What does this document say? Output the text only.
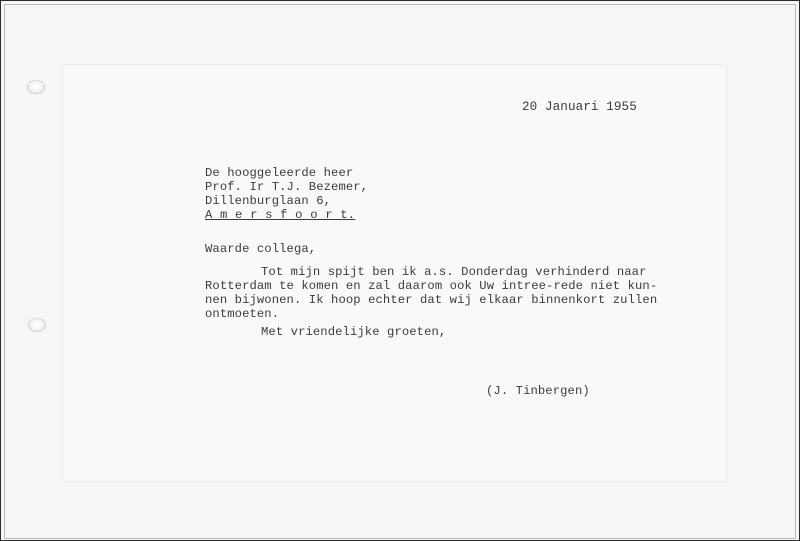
20 Januari 1955
De hooggeleerde heer
Prof. Ir T.J. Bezemer,
Dillenburglaan 6,
A m e r s f o o r t.
Waarde collega,
Tot mijn spijt ben ik a.s. Donderdag verhinderd naar
Rotterdam te komen en zal daarom ook Uw intree-rede niet kun-
nen bijwonen. Ik hoop echter dat wij elkaar binnenkort zullen
ontmoeten.
Met vriendelijke groeten,
(J. Tinbergen)
